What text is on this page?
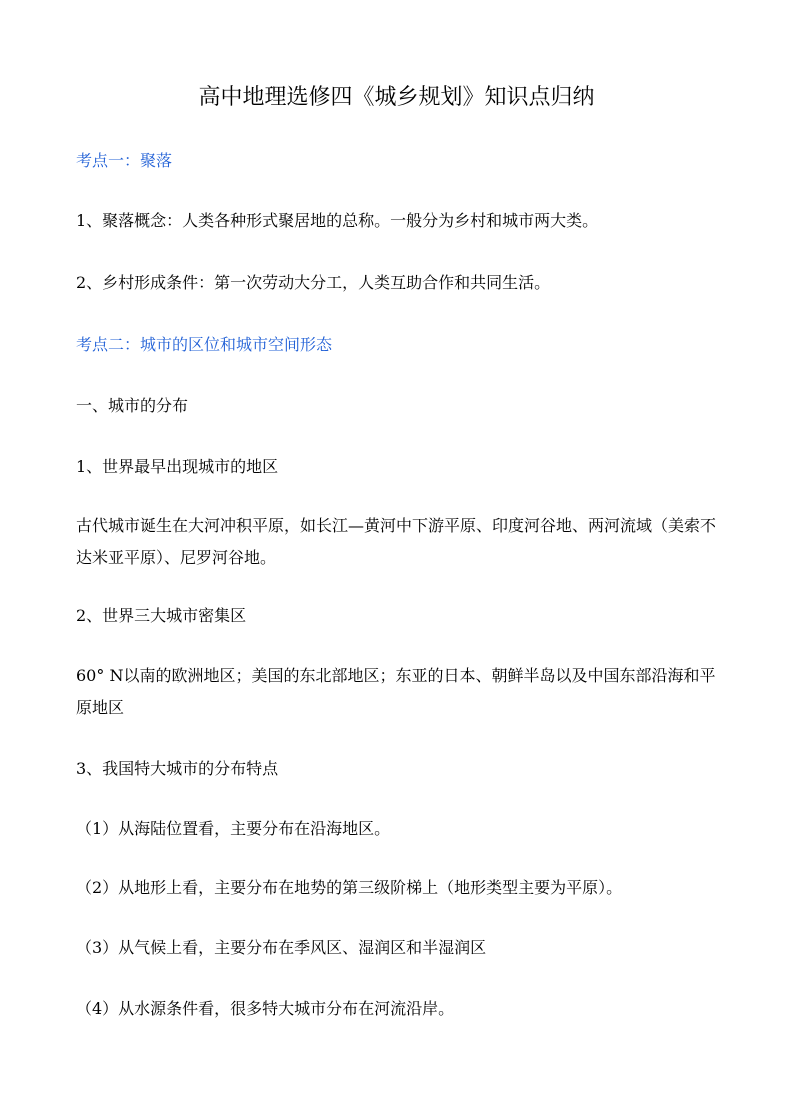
高中地理选修四《城乡规划》知识点归纳
考点一：聚落
1、聚落概念：人类各种形式聚居地的总称。一般分为乡村和城市两大类。
2、乡村形成条件：第一次劳动大分工，人类互助合作和共同生活。
考点二：城市的区位和城市空间形态
一、城市的分布
1、世界最早出现城市的地区
古代城市诞生在大河冲积平原，如长江—黄河中下游平原、印度河谷地、两河流域（美索不达米亚平原）、尼罗河谷地。
2、世界三大城市密集区
60° N以南的欧洲地区；美国的东北部地区；东亚的日本、朝鲜半岛以及中国东部沿海和平原地区
3、我国特大城市的分布特点
（1）从海陆位置看，主要分布在沿海地区。
（2）从地形上看，主要分布在地势的第三级阶梯上（地形类型主要为平原）。
（3）从气候上看，主要分布在季风区、湿润区和半湿润区
（4）从水源条件看，很多特大城市分布在河流沿岸。
